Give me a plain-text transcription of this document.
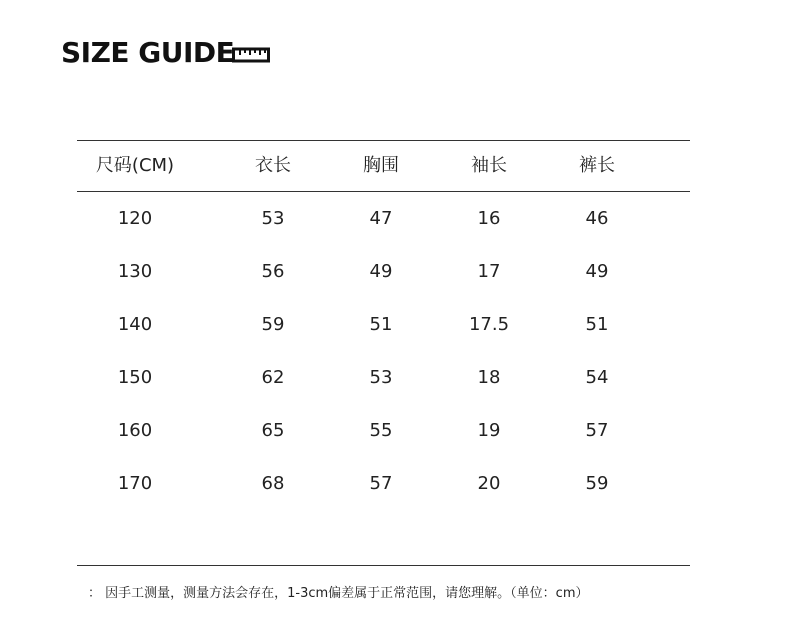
SIZE GUIDE
尺码(CM)	衣长	胸围	袖长	裤长
120	53	47	16	46
130	56	49	17	49
140	59	51	17.5	51
150	62	53	18	54
160	65	55	19	57
170	68	57	20	59
： 因手工测量，测量方法会存在，1-3cm偏差属于正常范围，请您理解。（单位：cm）
